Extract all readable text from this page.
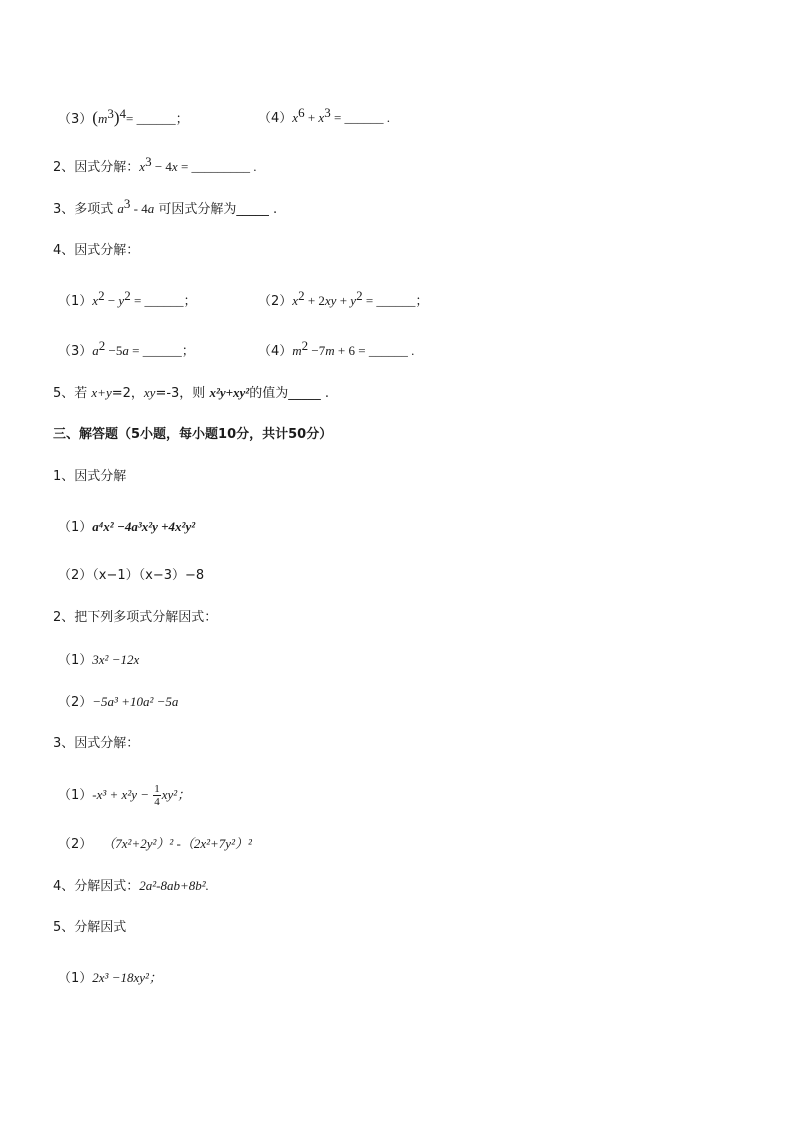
$(3)(m^3)^4=$ ______；	$(4)x^6 + x^3$ = ______ .
2、因式分解：$x^3 - 4x$ = _________ .
3、多项式 $a^3 - 4a$ 可因式分解为_____ .
4、因式分解：
$(1)x^2 - y^2$ = ______；	$(2)x^2 + 2xy + y^2$ = ______；
$(3)a^2 -5a$ = ______；	$(4)m^2 -7m + 6$ = ______ .
5、若 x+y=2，xy=-3，则 x²y+xy²的值为_____ .
三、解答题（5小题，每小题10分，共计50分）
1、因式分解
（1）a⁴x² −4a³x²y +4x²y²
（2）（x−1）（x−3）−8
2、把下列多项式分解因式：
（1）3x² −12x
（2）−5a³ +10a² −5a
3、因式分解：
$(1)-x^3 + x^2y - \frac{1}{4} xy^2$；
（2） （7x²+2y²）² -（2x²+7y²）²
4、分解因式：2a²-8ab+8b².
5、分解因式
（1）2x³ −18xy²；
